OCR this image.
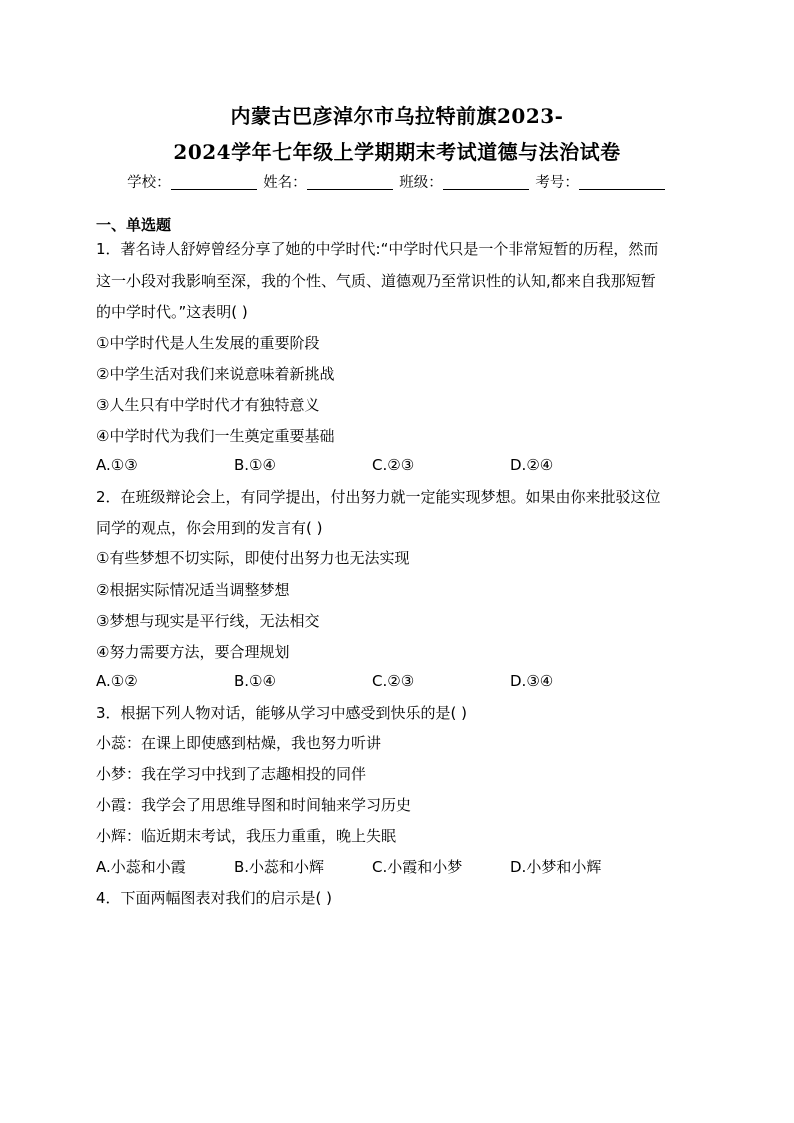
内蒙古巴彦淖尔市乌拉特前旗2023-
2024学年七年级上学期期末考试道德与法治试卷
学校：	姓名：	班级：	考号：
一、单选题
1．著名诗人舒婷曾经分享了她的中学时代:“中学时代只是一个非常短暂的历程，然而
这一小段对我影响至深，我的个性、气质、道德观乃至常识性的认知,都来自我那短暂
的中学时代。”这表明( )
①中学时代是人生发展的重要阶段
②中学生活对我们来说意味着新挑战
③人生只有中学时代才有独特意义
④中学时代为我们一生奠定重要基础
A.①③	B.①④	C.②③	D.②④
2．在班级辩论会上，有同学提出，付出努力就一定能实现梦想。如果由你来批驳这位
同学的观点，你会用到的发言有( )
①有些梦想不切实际，即使付出努力也无法实现
②根据实际情况适当调整梦想
③梦想与现实是平行线，无法相交
④努力需要方法，要合理规划
A.①②	B.①④	C.②③	D.③④
3．根据下列人物对话，能够从学习中感受到快乐的是( )
小蕊：在课上即使感到枯燥，我也努力听讲
小梦：我在学习中找到了志趣相投的同伴
小霞：我学会了用思维导图和时间轴来学习历史
小辉：临近期末考试，我压力重重，晚上失眠
A.小蕊和小霞	B.小蕊和小辉	C.小霞和小梦	D.小梦和小辉
4．下面两幅图表对我们的启示是( )
